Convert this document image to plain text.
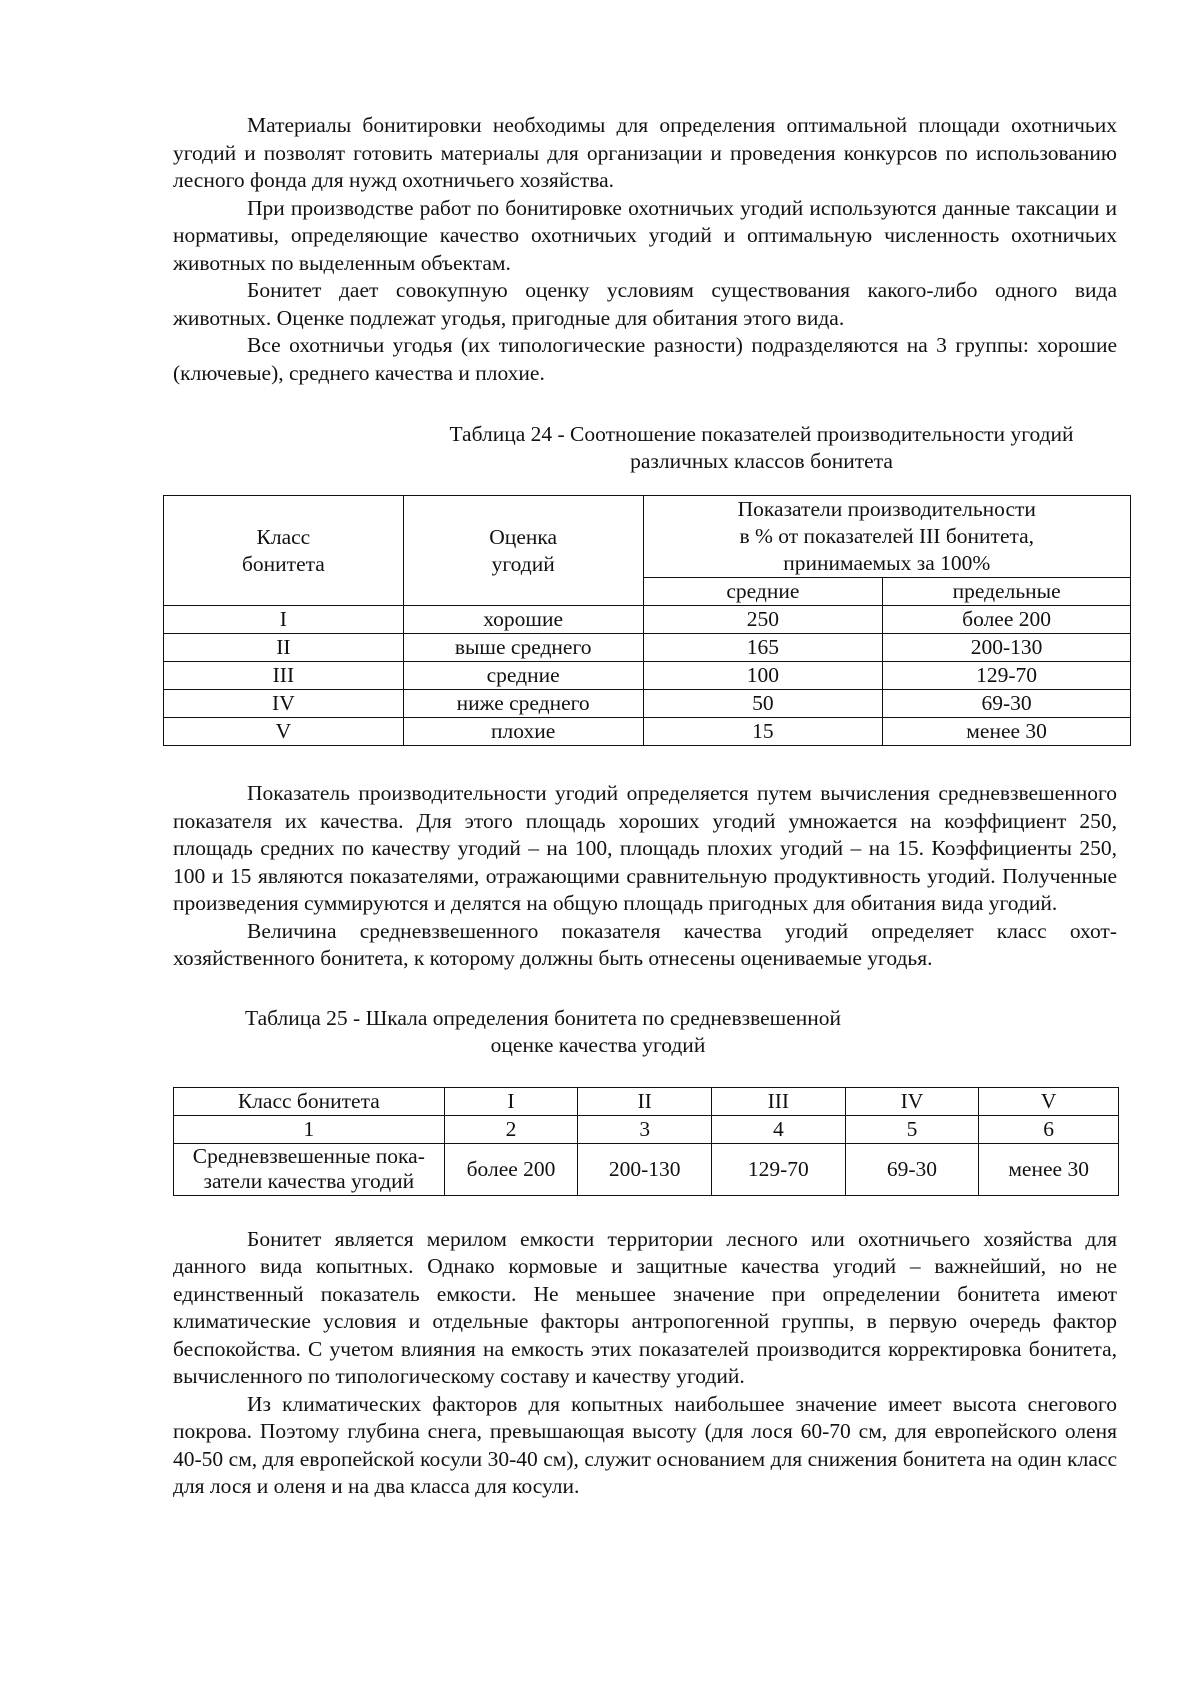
Материалы бонитировки необходимы для определения оптимальной площади охотничьих угодий и позволят готовить материалы для организации и проведения конкурсов по использованию лесного фонда для нужд охотничьего хозяйства.

При производстве работ по бонитировке охотничьих угодий используются данные таксации и нормативы, определяющие качество охотничьих угодий и оптимальную численность охотничьих животных по выделенным объектам.

Бонитет дает совокупную оценку условиям существования какого-либо одного вида животных. Оценке подлежат угодья, пригодные для обитания этого вида.

Все охотничьи угодья (их типологические разности) подразделяются на 3 группы: хорошие (ключевые), среднего качества и плохие.

Таблица 24 - Соотношение показателей производительности угодий
различных классов бонитета
Класс бонитета	Оценка угодий	Показатели производительности
в % от показателей III бонитета,
принимаемых за 100%	

		средние	предельные
I	хорошие	250	более 200
II	выше среднего	165	200-130
III	средние	100	129-70
IV	ниже среднего	50	69-30
V	плохие	15	менее 30

Показатель производительности угодий определяется путем вычисления средневзвешенного показателя их качества. Для этого площадь хороших угодий умножается на коэффициент 250, площадь средних по качеству угодий – на 100, площадь плохих угодий – на 15. Коэффициенты 250, 100 и 15 являются показателями, отражающими сравнительную продуктивность угодий. Полученные произведения суммируются и делятся на общую площадь пригодных для обитания вида угодий.

Величина средневзвешенного показателя качества угодий определяет класс охотхозяйственного бонитета, к которому должны быть отнесены оцениваемые угодья.

Таблица 25 - Шкала определения бонитета по средневзвешенной
оценке качества угодий
Класс бонитета	I	II	III	IV	V
1	2	3	4	5	6

Средневзвешенные пока-
затели качества угодий	более 200	200-130	129-70	69-30	менее 30

Бонитет является мерилом емкости территории лесного или охотничьего хозяйства для данного вида копытных. Однако кормовые и защитные качества угодий – важнейший, но не единственный показатель емкости. Не меньшее значение при определении бонитета имеют климатические условия и отдельные факторы антропогенной группы, в первую очередь фактор беспокойства. С учетом влияния на емкость этих показателей производится корректировка бонитета, вычисленного по типологическому составу и качеству угодий.

Из климатических факторов для копытных наибольшее значение имеет высота снегового покрова. Поэтому глубина снега, превышающая высоту (для лося 60-70 см, для европейского оленя 40-50 см, для европейской косули 30-40 см), служит основанием для снижения бонитета на один класс для лося и оленя и на два класса для косули.
